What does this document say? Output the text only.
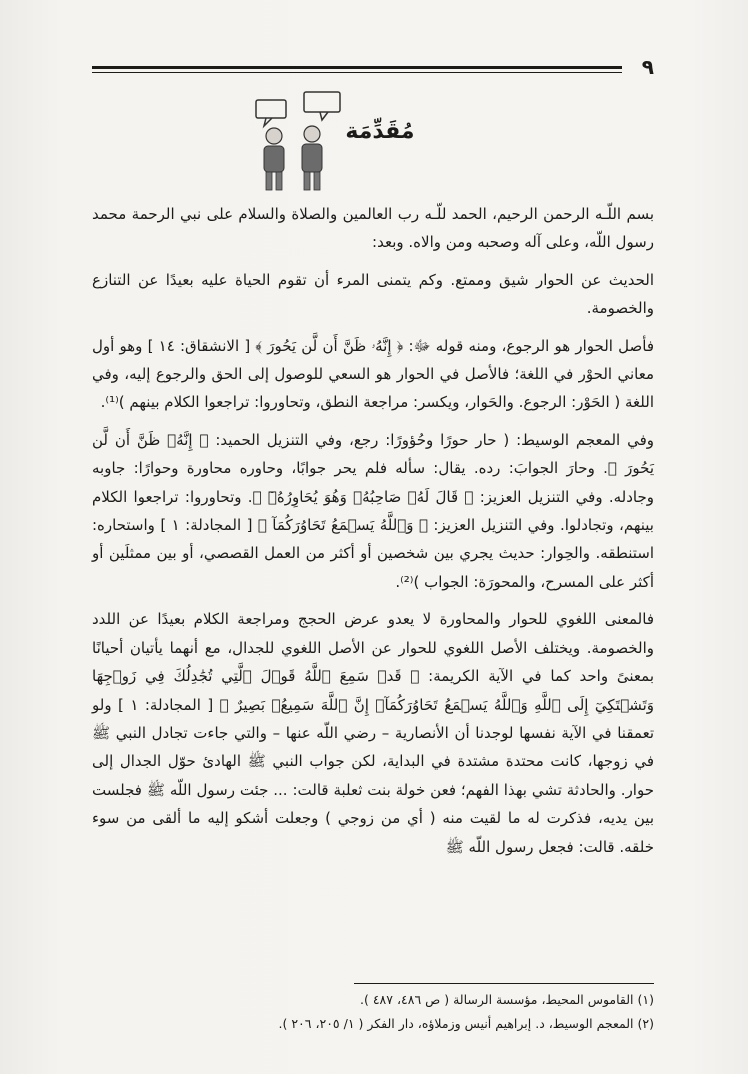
٩
مُقَدِّمَة

بسم اللّـه الرحمن الرحيم، الحمد للّـه رب العالمين والصلاة والسلام على نبي الرحمة محمد رسول اللّه، وعلى آله وصحبه ومن والاه. وبعد:

الحديث عن الحوار شيق وممتع. وكم يتمنى المرء أن تقوم الحياة عليه بعيدًا عن التنازع والخصومة.

فأصل الحوار هو الرجوع، ومنه قوله ﷻ: ﴿ إِنَّهُۥ ظَنَّ أَن لَّن يَحُورَ ﴾ [ الانشقاق: ١٤ ] وهو أول معاني الحوْر في اللغة؛ فالأصل في الحوار هو السعي للوصول إلى الحق والرجوع إليه، وفي اللغة ( الحَوْر: الرجوع. والحَوار، ويكسر: مراجعة النطق، وتحاوروا: تراجعوا الكلام بينهم )⁽¹⁾.

وفي المعجم الوسيط: ( حار حورًا وحُؤورًا: رجع، وفي التنزيل الحميد: ﴿ إِنَّهُۥ ظَنَّ أَن لَّن يَحُورَ ﴾. وحارَ الجوابَ: رده. يقال: سأله فلم يحر جوابًا، وحاوره محاورة وحوارًا: جاوبه وجادله. وفي التنزيل العزيز: ﴿ قَالَ لَهُۥ صَاحِبُهُۥ وَهُوَ يُحَاوِرُهُۥٓ ﴾. وتحاوروا: تراجعوا الكلام بينهم، وتجادلوا. وفي التنزيل العزيز: ﴿ وَٱللَّهُ يَسۡمَعُ تَحَاوُرَكُمَآ ﴾ [ المجادلة: ١ ] واستحاره: استنطقه. والحِوار: حديث يجري بين شخصين أو أكثر من العمل القصصي، أو بين ممثلَين أو أكثر على المسرح، والمحورَة: الجواب )⁽²⁾.

فالمعنى اللغوي للحوار والمحاورة لا يعدو عرض الحجج ومراجعة الكلام بعيدًا عن اللدد والخصومة. ويختلف الأصل اللغوي للحوار عن الأصل اللغوي للجدال، مع أنهما يأتيان أحيانًا بمعنىً واحد كما في الآية الكريمة: ﴿ قَدۡ سَمِعَ ٱللَّهُ قَوۡلَ ٱلَّتِي تُجَٰدِلُكَ فِي زَوۡجِهَا وَتَشۡتَكِيٓ إِلَى ٱللَّهِ وَٱللَّهُ يَسۡمَعُ تَحَاوُرَكُمَآۚ إِنَّ ٱللَّهَ سَمِيعُۢ بَصِيرٌ ﴾ [ المجادلة: ١ ] ولو تعمقنا في الآية نفسها لوجدنا أن الأنصارية – رضي اللّه عنها – والتي جاءت تجادل النبي ﷺ في زوجها، كانت محتدة مشتدة في البداية، لكن جواب النبي ﷺ الهادئ حوّل الجدال إلى حوار. والحادثة تشي بهذا الفهم؛ فعن خولة بنت ثعلبة قالت: ... جئت رسول اللّه ﷺ فجلست بين يديه، فذكرت له ما لقيت منه ( أي من زوجي ) وجعلت أشكو إليه ما ألقى من سوء خلقه. قالت: فجعل رسول اللّه ﷺ

(١) القاموس المحيط، مؤسسة الرسالة ( ص ٤٨٦، ٤٨٧ ).
(٢) المعجم الوسيط، د. إبراهيم أنيس وزملاؤه، دار الفكر ( ١/ ٢٠٥، ٢٠٦ ).
